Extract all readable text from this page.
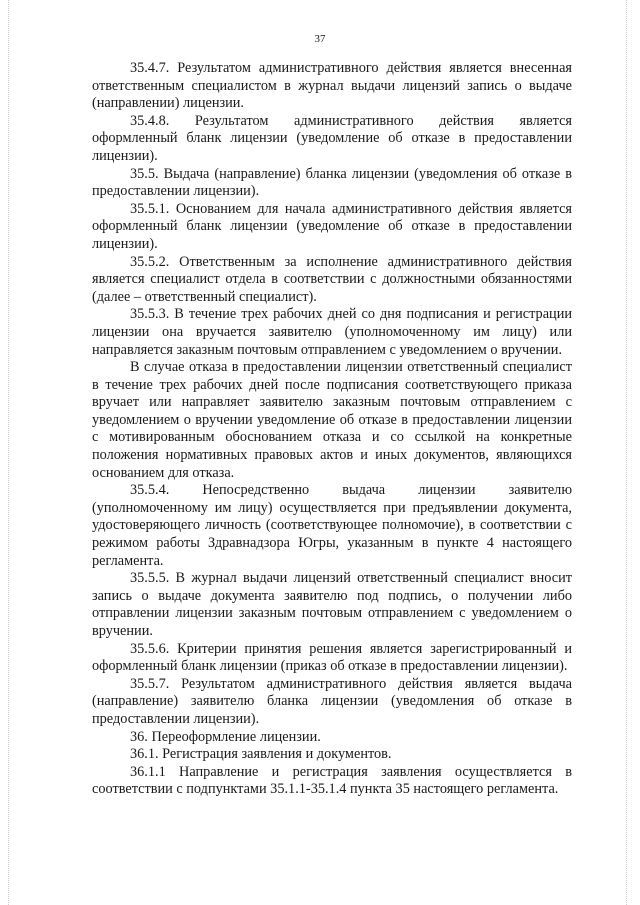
37

35.4.7. Результатом административного действия является внесенная ответственным специалистом в журнал выдачи лицензий запись о выдаче (направлении) лицензии.

35.4.8. Результатом административного действия является оформленный бланк лицензии (уведомление об отказе в предоставлении лицензии).

35.5. Выдача (направление) бланка лицензии (уведомления об отказе в предоставлении лицензии).

35.5.1. Основанием для начала административного действия является оформленный бланк лицензии (уведомление об отказе в предоставлении лицензии).

35.5.2. Ответственным за исполнение административного действия является специалист отдела в соответствии с должностными обязанностями (далее – ответственный специалист).

35.5.3. В течение трех рабочих дней со дня подписания и регистрации лицензии она вручается заявителю (уполномоченному им лицу) или направляется заказным почтовым отправлением с уведомлением о вручении.

В случае отказа в предоставлении лицензии ответственный специалист в течение трех рабочих дней после подписания соответствующего приказа вручает или направляет заявителю заказным почтовым отправлением с уведомлением о вручении уведомление об отказе в предоставлении лицензии с мотивированным обоснованием отказа и со ссылкой на конкретные положения нормативных правовых актов и иных документов, являющихся основанием для отказа.

35.5.4. Непосредственно выдача лицензии заявителю (уполномоченному им лицу) осуществляется при предъявлении документа, удостоверяющего личность (соответствующее полномочие), в соответствии с режимом работы Здравнадзора Югры, указанным в пункте 4 настоящего регламента.

35.5.5. В журнал выдачи лицензий ответственный специалист вносит запись о выдаче документа заявителю под подпись, о получении либо отправлении лицензии заказным почтовым отправлением с уведомлением о вручении.

35.5.6. Критерии принятия решения является зарегистрированный и оформленный бланк лицензии (приказ об отказе в предоставлении лицензии).

35.5.7. Результатом административного действия является выдача (направление) заявителю бланка лицензии (уведомления об отказе в предоставлении лицензии).

36. Переоформление лицензии.

36.1. Регистрация заявления и документов.

36.1.1 Направление и регистрация заявления осуществляется в соответствии с подпунктами 35.1.1-35.1.4 пункта 35 настоящего регламента.
